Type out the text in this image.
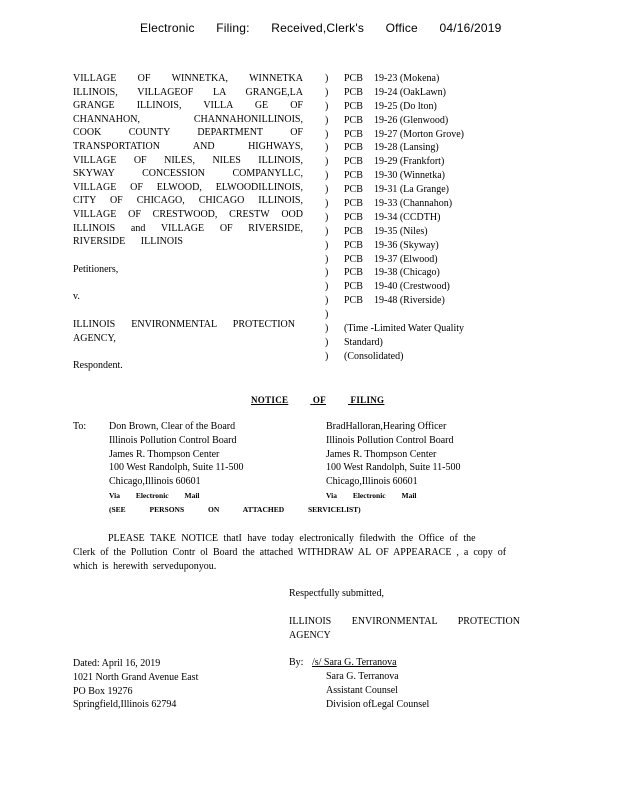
Electronic Filing: Received,Clerk's Office 04/16/2019
VILLAGE OF WINNETKA, WINNETKA
ILLINOIS, VILLAGEOF LA GRANGE,LA
GRANGE ILLINOIS, VILLA GE OF
CHANNAHON, CHANNAHONILLINOIS,
COOK COUNTY DEPARTMENT OF
TRANSPORTATION AND HIGHWAYS,
VILLAGE OF NILES, NILES ILLINOIS,
SKYWAY CONCESSION COMPANYLLC,
VILLAGE OF ELWOOD, ELWOODILLINOIS,
CITY OF CHICAGO, CHICAGO ILLINOIS,
VILLAGE OF CRESTWOOD, CRESTW OOD
ILLINOIS and VILLAGE OF RIVERSIDE,
RIVERSIDE ILLINOIS
Petitioners,
v.
ILLINOIS ENVIRONMENTAL PROTECTION
AGENCY,
Respondent.
)
)
)
)
)
)
)
)
)
)
)
)
)
)
)
)
)
)
)
)
)
PCB 19-23 (Mokena)
PCB 19-24 (OakLawn)
PCB 19-25 (Do lton)
PCB 19-26 (Glenwood)
PCB 19-27 (Morton Grove)
PCB 19-28 (Lansing)
PCB 19-29 (Frankfort)
PCB 19-30 (Winnetka)
PCB 19-31 (La Grange)
PCB 19-33 (Channahon)
PCB 19-34 (CCDTH)
PCB 19-35 (Niles)
PCB 19-36 (Skyway)
PCB 19-37 (Elwood)
PCB 19-38 (Chicago)
PCB 19-40 (Crestwood)
PCB 19-48 (Riverside)
(Time -Limited Water Quality
Standard)
(Consolidated)
NOTICE	OF	FILING
To: Don Brown, Clear of the Board
Illinois Pollution Control Board
James R. Thompson Center
100 West Randolph, Suite 11-500
Chicago,Illinois 60601
Via Electronic Mail
(SEE PERSONS ON ATTACHED SERVICELIST)
BradHalloran,Hearing Officer
Illinois Pollution Control Board
James R. Thompson Center
100 West Randolph, Suite 11-500
Chicago,Illinois 60601
Via Electronic Mail
PLEASE TAKE NOTICE thatI have today electronically filedwith the Office of the
Clerk of the Pollution Contr ol Board the attached WITHDRAW AL OF APPEARACE , a copy of
which is herewith serveduponyou.
Respectfully submitted,
ILLINOIS ENVIRONMENTAL PROTECTION
AGENCY
By: /s/ Sara G. Terranova
Sara G. Terranova
Assistant Counsel
Division ofLegal Counsel
Dated: April 16, 2019
1021 North Grand Avenue East
PO Box 19276
Springfield,Illinois 62794
